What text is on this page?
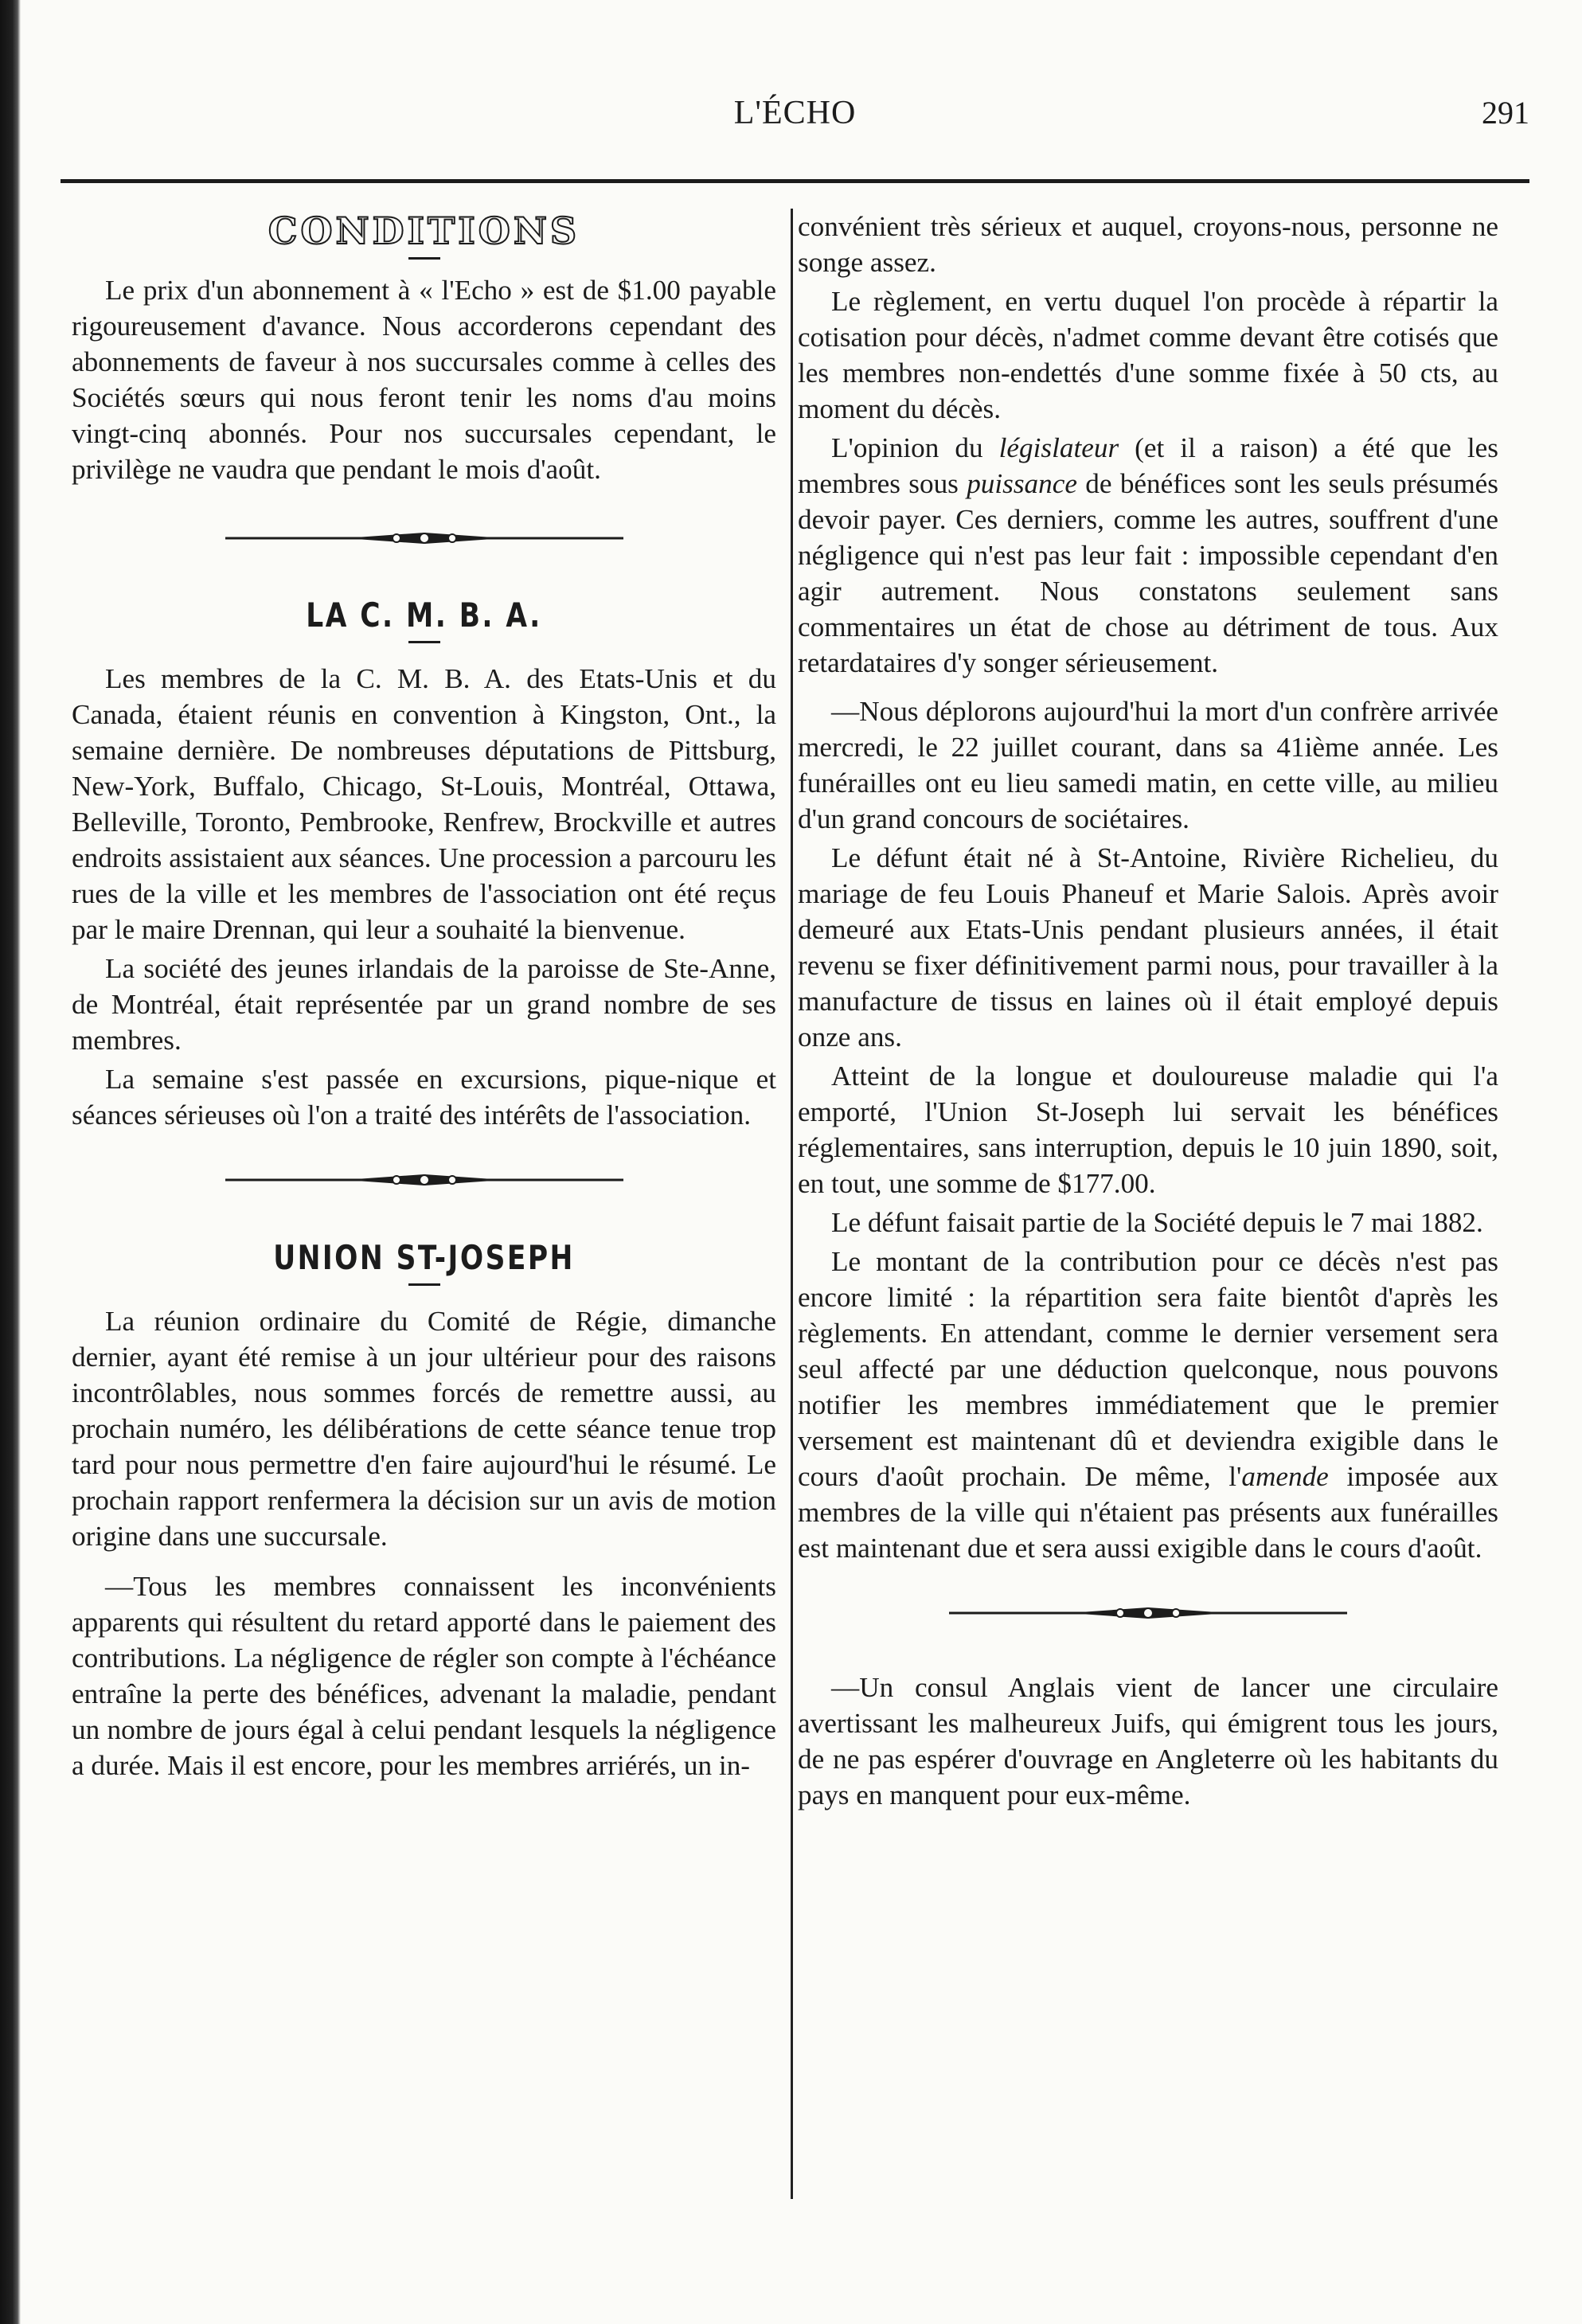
L'ÉCHO	291
CONDITIONS

Le prix d'un abonnement à « l'Echo » est de $1.00 payable rigoureusement d'avance. Nous accorderons cependant des abonnements de faveur à nos succursales comme à celles des Sociétés sœurs qui nous feront tenir les noms d'au moins vingt-cinq abonnés. Pour nos succursales cependant, le privilège ne vaudra que pendant le mois d'août.

LA C. M. B. A.

Les membres de la C. M. B. A. des Etats-Unis et du Canada, étaient réunis en convention à Kingston, Ont., la semaine dernière. De nombreuses députations de Pittsburg, New-York, Buffalo, Chicago, St-Louis, Montréal, Ottawa, Belleville, Toronto, Pembrooke, Renfrew, Brockville et autres endroits assistaient aux séances. Une procession a parcouru les rues de la ville et les membres de l'association ont été reçus par le maire Drennan, qui leur a souhaité la bienvenue.

La société des jeunes irlandais de la paroisse de Ste-Anne, de Montréal, était représentée par un grand nombre de ses membres.

La semaine s'est passée en excursions, pique-nique et séances sérieuses où l'on a traité des intérêts de l'association.

UNION ST-JOSEPH

La réunion ordinaire du Comité de Régie, dimanche dernier, ayant été remise à un jour ultérieur pour des raisons incontrôlables, nous sommes forcés de remettre aussi, au prochain numéro, les délibérations de cette séance tenue trop tard pour nous permettre d'en faire aujourd'hui le résumé. Le prochain rapport renfermera la décision sur un avis de motion origine dans une succursale.

—Tous les membres connaissent les inconvénients apparents qui résultent du retard apporté dans le paiement des contributions. La négligence de régler son compte à l'échéance entraîne la perte des bénéfices, advenant la maladie, pendant un nombre de jours égal à celui pendant lesquels la négligence a durée. Mais il est encore, pour les membres arriérés, un in-

convénient très sérieux et auquel, croyons-nous, personne ne songe assez.

Le règlement, en vertu duquel l'on procède à répartir la cotisation pour décès, n'admet comme devant être cotisés que les membres non-endettés d'une somme fixée à 50 cts, au moment du décès.

L'opinion du législateur (et il a raison) a été que les membres sous puissance de bénéfices sont les seuls présumés devoir payer. Ces derniers, comme les autres, souffrent d'une négligence qui n'est pas leur fait : impossible cependant d'en agir autrement. Nous constatons seulement sans commentaires un état de chose au détriment de tous. Aux retardataires d'y songer sérieusement.

—Nous déplorons aujourd'hui la mort d'un confrère arrivée mercredi, le 22 juillet courant, dans sa 41ième année. Les funérailles ont eu lieu samedi matin, en cette ville, au milieu d'un grand concours de sociétaires.

Le défunt était né à St-Antoine, Rivière Richelieu, du mariage de feu Louis Phaneuf et Marie Salois. Après avoir demeuré aux Etats-Unis pendant plusieurs années, il était revenu se fixer définitivement parmi nous, pour travailler à la manufacture de tissus en laines où il était employé depuis onze ans.

Atteint de la longue et douloureuse maladie qui l'a emporté, l'Union St-Joseph lui servait les bénéfices réglementaires, sans interruption, depuis le 10 juin 1890, soit, en tout, une somme de $177.00.

Le défunt faisait partie de la Société depuis le 7 mai 1882.

Le montant de la contribution pour ce décès n'est pas encore limité : la répartition sera faite bientôt d'après les règlements. En attendant, comme le dernier versement sera seul affecté par une déduction quelconque, nous pouvons notifier les membres immédiatement que le premier versement est maintenant dû et deviendra exigible dans le cours d'août prochain. De même, l'amende imposée aux membres de la ville qui n'étaient pas présents aux funérailles est maintenant due et sera aussi exigible dans le cours d'août.

—Un consul Anglais vient de lancer une circulaire avertissant les malheureux Juifs, qui émigrent tous les jours, de ne pas espérer d'ouvrage en Angleterre où les habitants du pays en manquent pour eux-même.
